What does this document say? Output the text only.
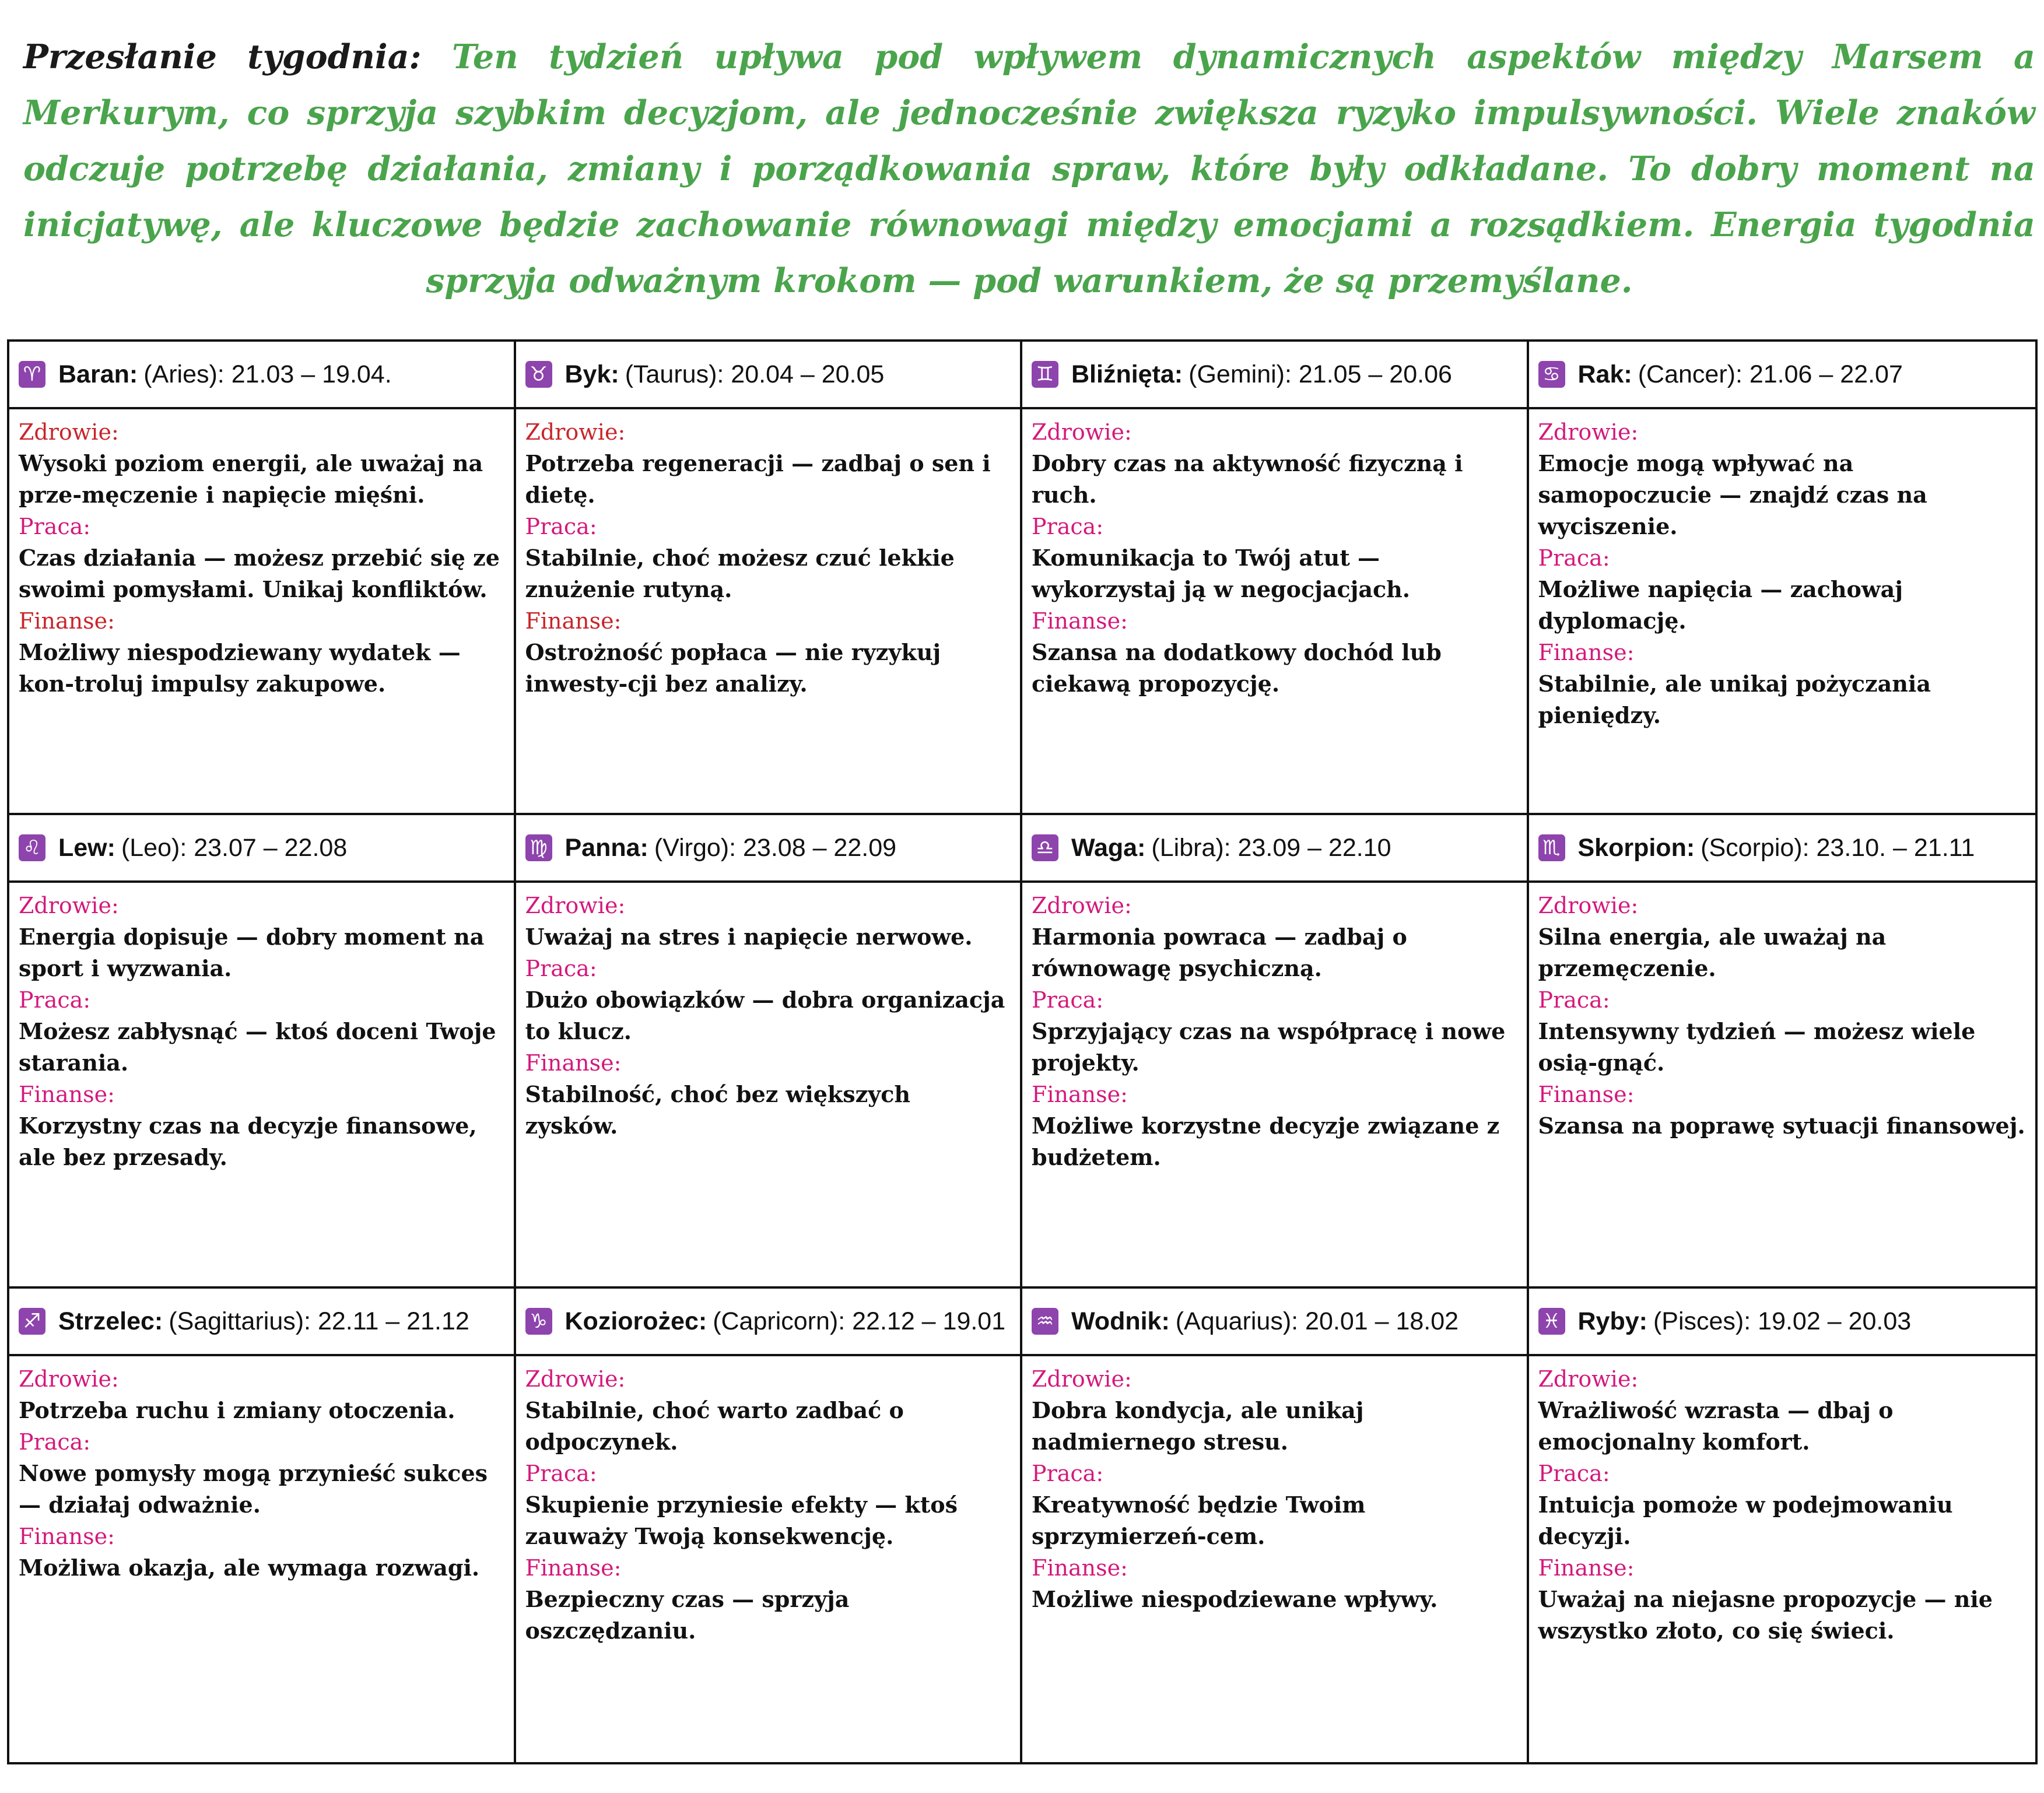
Przesłanie tygodnia: Ten tydzień upływa pod wpływem dynamicznych aspektów między Marsem a Merkurym, co sprzyja szybkim decyzjom, ale jednocześnie zwiększa ryzyko impulsywności. Wiele znaków odczuje potrzebę działania, zmiany i porządkowania spraw, które były odkładane. To dobry moment na inicjatywę, ale kluczowe będzie zachowanie równowagi między emocjami a rozsądkiem. Energia tygodnia sprzyja odważnym krokom — pod warunkiem, że są przemyślane.

♈ Baran: (Aries): 21.03 – 19.04.
Zdrowie:
Wysoki poziom energii, ale uważaj na prze-męczenie i napięcie mięśni.
Praca:
Czas działania — możesz przebić się ze swoimi pomysłami. Unikaj konfliktów.
Finanse:
Możliwy niespodziewany wydatek — kon-troluj impulsy zakupowe.
♉ Byk: (Taurus): 20.04 – 20.05
Zdrowie:
Potrzeba regeneracji — zadbaj o sen i dietę.
Praca:
Stabilnie, choć możesz czuć lekkie znużenie rutyną.
Finanse:
Ostrożność popłaca — nie ryzykuj inwesty-cji bez analizy.
♊ Bliźnięta: (Gemini): 21.05 – 20.06
Zdrowie:
Dobry czas na aktywność fizyczną i ruch.
Praca:
Komunikacja to Twój atut — wykorzystaj ją w negocjacjach.
Finanse:
Szansa na dodatkowy dochód lub ciekawą propozycję.
♋ Rak: (Cancer): 21.06 – 22.07
Zdrowie:
Emocje mogą wpływać na samopoczucie — znajdź czas na wyciszenie.
Praca:
Możliwe napięcia — zachowaj dyplomację.
Finanse:
Stabilnie, ale unikaj pożyczania pieniędzy.
♌ Lew: (Leo): 23.07 – 22.08
Zdrowie:
Energia dopisuje — dobry moment na sport i wyzwania.
Praca:
Możesz zabłysnąć — ktoś doceni Twoje starania.
Finanse:
Korzystny czas na decyzje finansowe, ale bez przesady.
♍ Panna: (Virgo): 23.08 – 22.09
Zdrowie:
Uważaj na stres i napięcie nerwowe.
Praca:
Dużo obowiązków — dobra organizacja to klucz.
Finanse:
Stabilność, choć bez większych zysków.
♎ Waga: (Libra): 23.09 – 22.10
Zdrowie:
Harmonia powraca — zadbaj o równowagę psychiczną.
Praca:
Sprzyjający czas na współpracę i nowe projekty.
Finanse:
Możliwe korzystne decyzje związane z budżetem.
♏ Skorpion: (Scorpio): 23.10. – 21.11
Zdrowie:
Silna energia, ale uważaj na przemęczenie.
Praca:
Intensywny tydzień — możesz wiele osią-gnąć.
Finanse:
Szansa na poprawę sytuacji finansowej.
♐ Strzelec: (Sagittarius): 22.11 – 21.12
Zdrowie:
Potrzeba ruchu i zmiany otoczenia.
Praca:
Nowe pomysły mogą przynieść sukces — działaj odważnie.
Finanse:
Możliwa okazja, ale wymaga rozwagi.
♑ Koziorożec: (Capricorn): 22.12 – 19.01
Zdrowie:
Stabilnie, choć warto zadbać o odpoczynek.
Praca:
Skupienie przyniesie efekty — ktoś zauważy Twoją konsekwencję.
Finanse:
Bezpieczny czas — sprzyja oszczędzaniu.
♒ Wodnik: (Aquarius): 20.01 – 18.02
Zdrowie:
Dobra kondycja, ale unikaj nadmiernego stresu.
Praca:
Kreatywność będzie Twoim sprzymierzeń-cem.
Finanse:
Możliwe niespodziewane wpływy.
♓ Ryby: (Pisces): 19.02 – 20.03
Zdrowie:
Wrażliwość wzrasta — dbaj o emocjonalny komfort.
Praca:
Intuicja pomoże w podejmowaniu decyzji.
Finanse:
Uważaj na niejasne propozycje — nie wszystko złoto, co się świeci.
